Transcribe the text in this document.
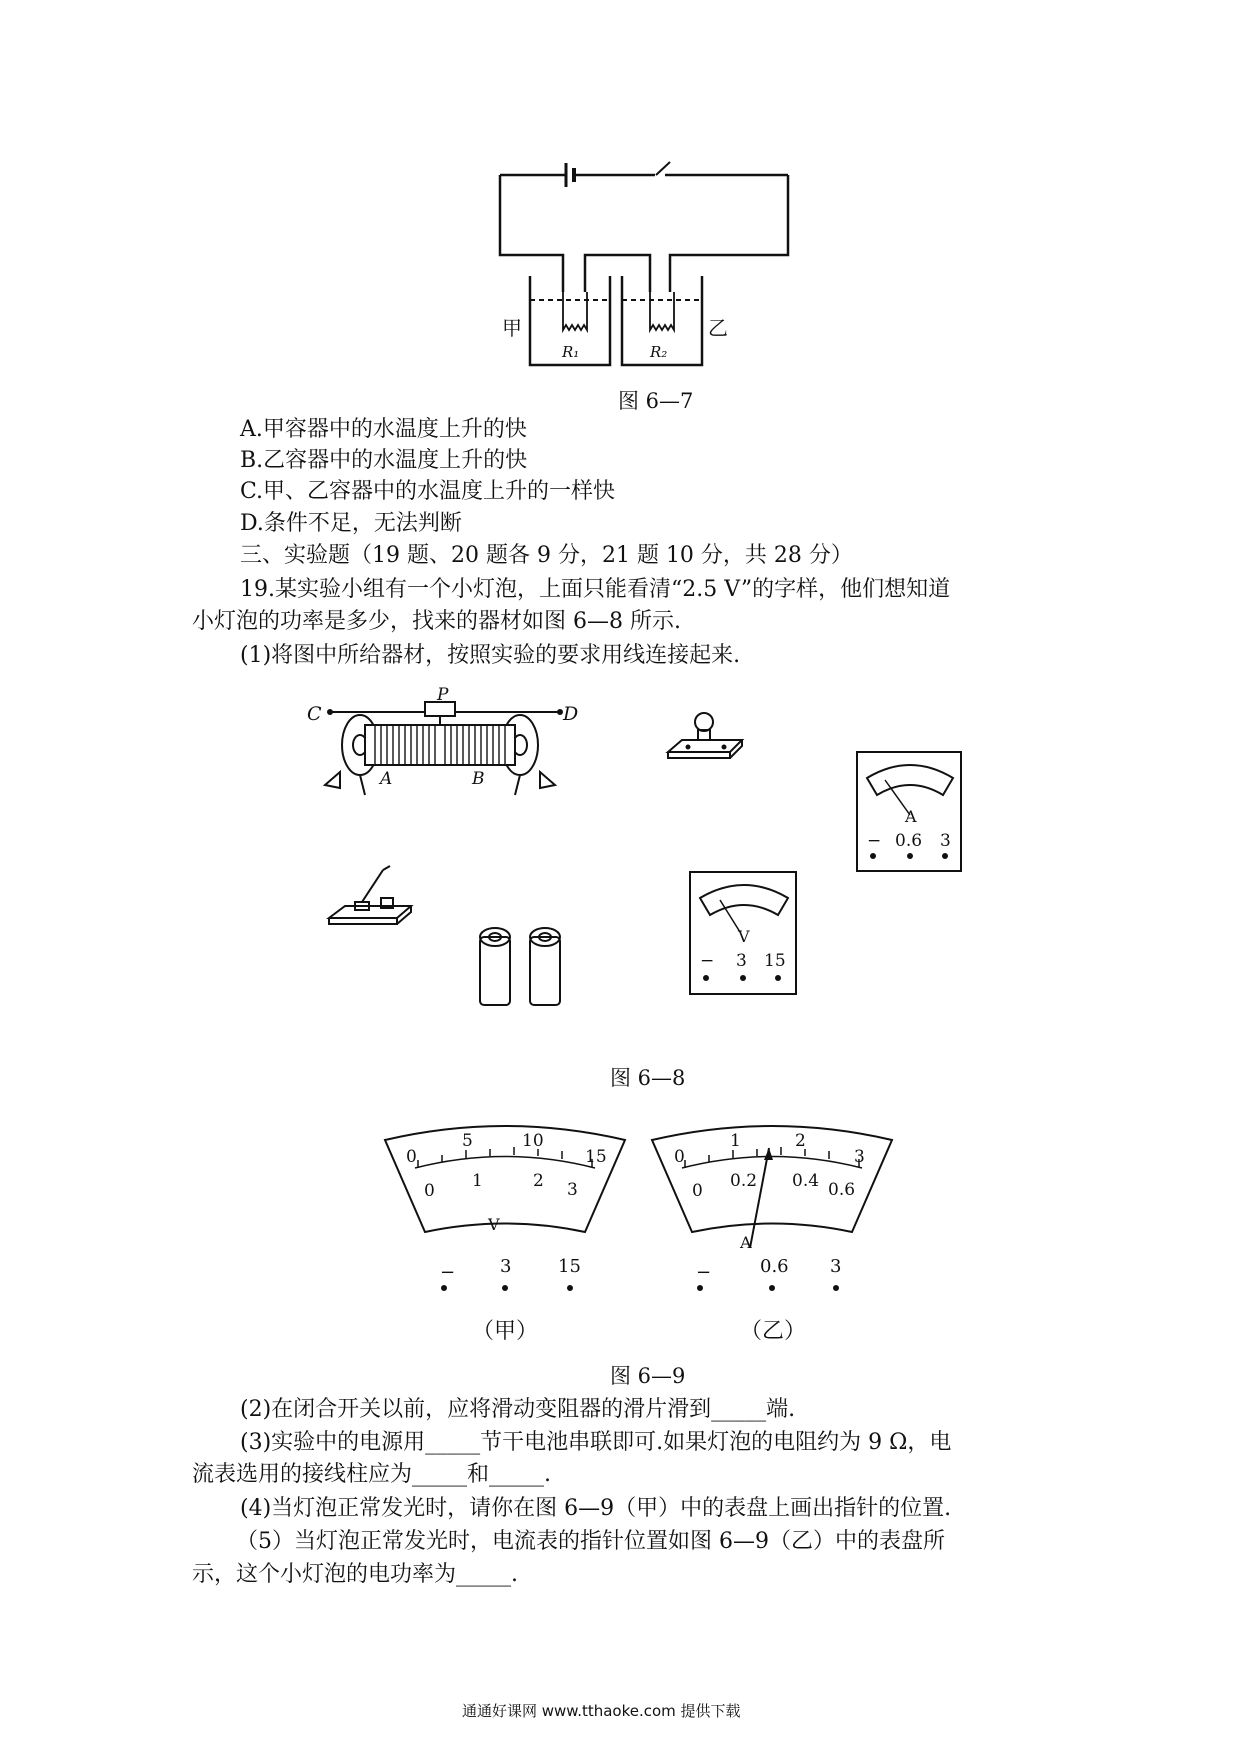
甲	乙
R₁	R₂
图 6—7
A.甲容器中的水温度上升的快
B.乙容器中的水温度上升的快
C.甲、乙容器中的水温度上升的一样快
D.条件不足，无法判断
三、实验题（19 题、20 题各 9 分，21 题 10 分，共 28 分）
19.某实验小组有一个小灯泡，上面只能看清“2.5 V”的字样，他们想知道
小灯泡的功率是多少，找来的器材如图 6—8 所示.
(1)将图中所给器材，按照实验的要求用线连接起来.
C	D
P
A	B
A
− 0.6 3
V
− 3 15
图 6—8
0
5	10
15
0 1	2 3
V
− 3	15
（甲）
0
1	2
3
0 0.2 0.4 0.6
A
−	0.6 3
（乙）
图 6—9
(2)在闭合开关以前，应将滑动变阻器的滑片滑到_____端.
(3)实验中的电源用_____节干电池串联即可.如果灯泡的电阻约为 9 Ω，电
流表选用的接线柱应为_____和_____.
(4)当灯泡正常发光时，请你在图 6—9（甲）中的表盘上画出指针的位置.
（5）当灯泡正常发光时，电流表的指针位置如图 6—9（乙）中的表盘所
示，这个小灯泡的电功率为_____.
通通好课网 www.tthaoke.com 提供下载
